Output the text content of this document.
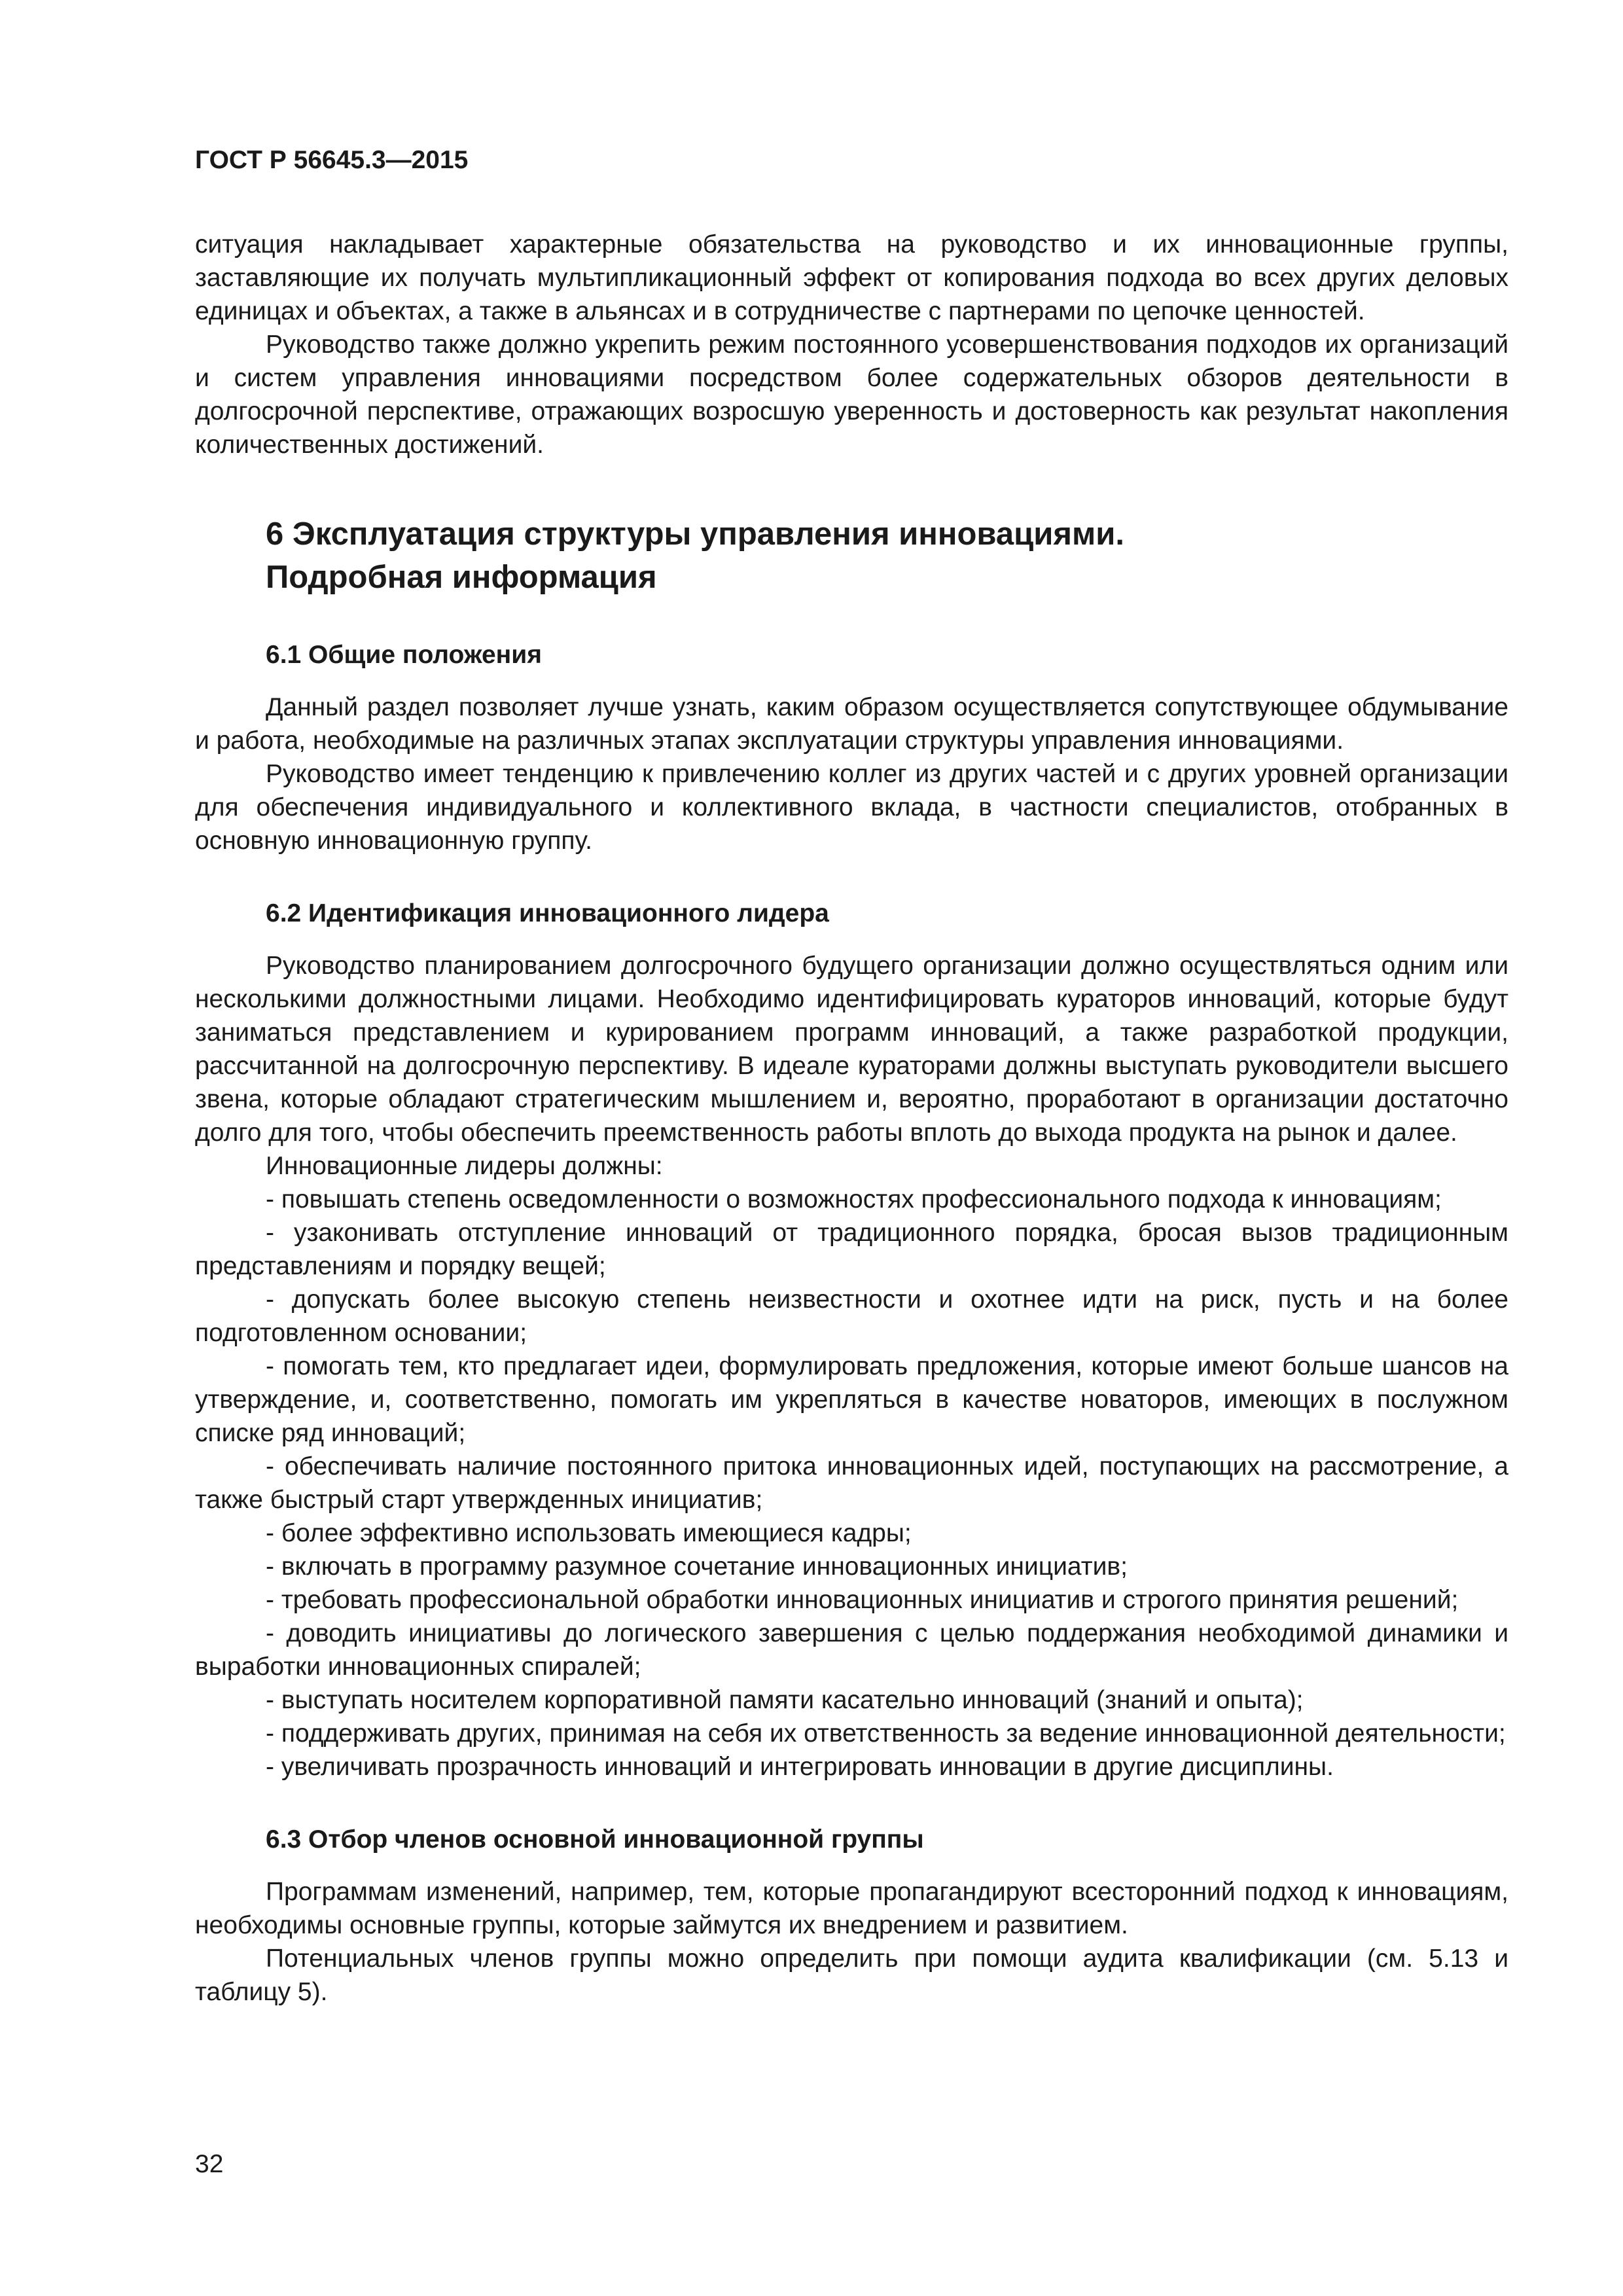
ГОСТ Р 56645.3—2015

ситуация накладывает характерные обязательства на руководство и их инновационные группы, заставляющие их получать мультипликационный эффект от копирования подхода во всех других деловых единицах и объектах, а также в альянсах и в сотрудничестве с партнерами по цепочке ценностей.

Руководство также должно укрепить режим постоянного усовершенствования подходов их организаций и систем управления инновациями посредством более содержательных обзоров деятельности в долгосрочной перспективе, отражающих возросшую уверенность и достоверность как результат накопления количественных достижений.

6 Эксплуатация структуры управления инновациями.
Подробная информация
6.1 Общие положения

Данный раздел позволяет лучше узнать, каким образом осуществляется сопутствующее обдумывание и работа, необходимые на различных этапах эксплуатации структуры управления инновациями.

Руководство имеет тенденцию к привлечению коллег из других частей и с других уровней организации для обеспечения индивидуального и коллективного вклада, в частности специалистов, отобранных в основную инновационную группу.

6.2 Идентификация инновационного лидера

Руководство планированием долгосрочного будущего организации должно осуществляться одним или несколькими должностными лицами. Необходимо идентифицировать кураторов инноваций, которые будут заниматься представлением и курированием программ инноваций, а также разработкой продукции, рассчитанной на долгосрочную перспективу. В идеале кураторами должны выступать руководители высшего звена, которые обладают стратегическим мышлением и, вероятно, проработают в организации достаточно долго для того, чтобы обеспечить преемственность работы вплоть до выхода продукта на рынок и далее.

Инновационные лидеры должны:

- повышать степень осведомленности о возможностях профессионального подхода к инновациям;

- узаконивать отступление инноваций от традиционного порядка, бросая вызов традиционным представлениям и порядку вещей;

- допускать более высокую степень неизвестности и охотнее идти на риск, пусть и на более подготовленном основании;

- помогать тем, кто предлагает идеи, формулировать предложения, которые имеют больше шансов на утверждение, и, соответственно, помогать им укрепляться в качестве новаторов, имеющих в послужном списке ряд инноваций;

- обеспечивать наличие постоянного притока инновационных идей, поступающих на рассмотрение, а также быстрый старт утвержденных инициатив;

- более эффективно использовать имеющиеся кадры;

- включать в программу разумное сочетание инновационных инициатив;

- требовать профессиональной обработки инновационных инициатив и строгого принятия решений;

- доводить инициативы до логического завершения с целью поддержания необходимой динамики и выработки инновационных спиралей;

- выступать носителем корпоративной памяти касательно инноваций (знаний и опыта);

- поддерживать других, принимая на себя их ответственность за ведение инновационной деятельности;

- увеличивать прозрачность инноваций и интегрировать инновации в другие дисциплины.

6.3 Отбор членов основной инновационной группы

Программам изменений, например, тем, которые пропагандируют всесторонний подход к инновациям, необходимы основные группы, которые займутся их внедрением и развитием.

Потенциальных членов группы можно определить при помощи аудита квалификации (см. 5.13 и таблицу 5).

32
